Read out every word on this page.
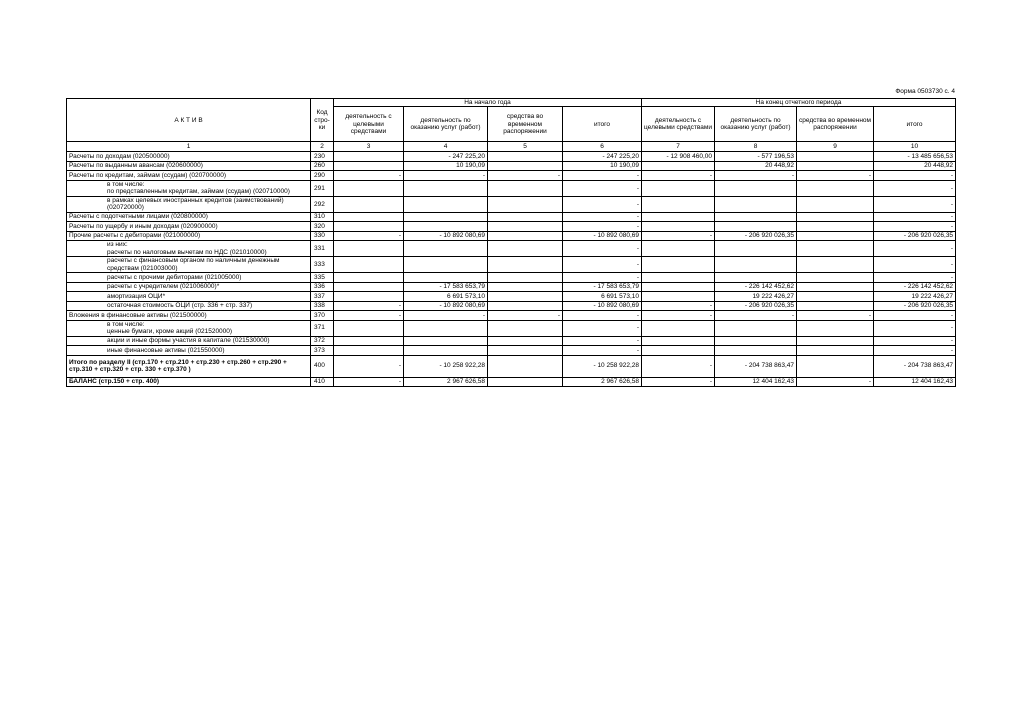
Форма 0503730 с. 4
А К Т И В	Код стро-ки	На начало года				На конец отчетного периода			
		деятельность с целевыми средствами	деятельность по оказанию услуг (работ)	средства во временном распоряжении	итого	деятельность с целевыми средствами	деятельность по оказанию услуг (работ)	средства во временном распоряжении	итого
1	2	3	4	5	6	7	8	9	10
Расчеты по доходам (020500000)	230		- 247 225,20		- 247 225,20	- 12 908 460,00	- 577 196,53		- 13 485 656,53
Расчеты по выданным авансам (020600000)	260		10 190,09		10 190,09		20 448,92		20 448,92
Расчеты по кредитам, займам (ссудам) (020700000)	290	-	-	-	-	-	-	-	-
в том числе:
по представленным кредитам, займам (ссудам) (020710000)	291				-				-
в рамках целевых иностранных кредитов (заимствований) (020720000)	292				-				-
Расчеты с подотчетными лицами (020800000)	310				-				-
Расчеты по ущербу и иным доходам (020900000)	320				-				-
Прочие расчеты с дебиторами (021000000)	330	-	- 10 892 080,69		- 10 892 080,69	-	- 206 920 026,35		- 206 920 026,35
из них:
расчеты по налоговым вычетам по НДС (021010000)	331				-				-
расчеты с финансовым органом по наличным денежным средствам (021003000)	333				-				-
расчеты с прочими дебиторами (021005000)	335				-				-
расчеты с учредителем (021006000)*	336		- 17 583 653,79		- 17 583 653,79		- 226 142 452,62		- 226 142 452,62
амортизация ОЦИ*	337		6 691 573,10		6 691 573,10		19 222 426,27		19 222 426,27
остаточная стоимость ОЦИ (стр. 336 + стр. 337)	338	-	- 10 892 080,69		- 10 892 080,69	-	- 206 920 026,35		- 206 920 026,35
Вложения в финансовые активы (021500000)	370	-	-	-	-	-	-	-	-
в том числе:
ценные бумаги, кроме акций (021520000)	371				-				-
акции и иные формы участия в капитале (021530000)	372				-				-
иные финансовые активы (021550000)	373				-				-
Итого по разделу II (стр.170 + стр.210 + стр.230 + стр.260 + стр.290 + стр.310 + стр.320 + стр. 330 + стр.370 )	400	-	- 10 258 922,28		- 10 258 922,28	-	- 204 738 863,47		- 204 738 863,47
БАЛАНС (стр.150 + стр. 400)	410	-	2 967 626,58		2 967 626,58	-	12 404 162,43	-	12 404 162,43
